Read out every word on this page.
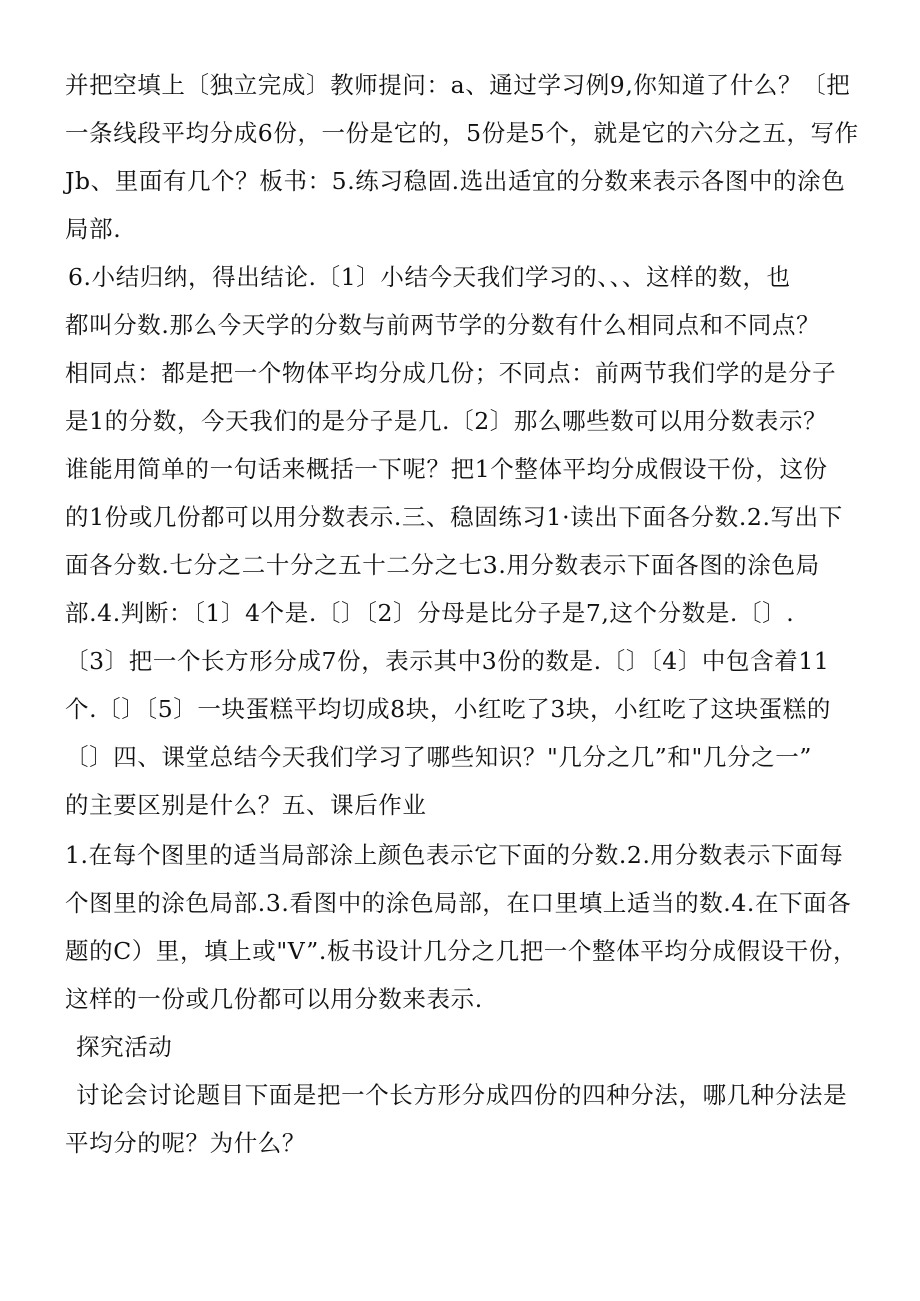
并把空填上〔独立完成〕教师提问：a、通过学习例9,你知道了什么？〔把
一条线段平均分成6份，一份是它的，5份是5个，就是它的六分之五，写作
Jb、里面有几个？板书：5.练习稳固.选出适宜的分数来表示各图中的涂色
局部.
6.小结归纳，得出结论.〔1〕小结今天我们学习的、、、这样的数，也
都叫分数.那么今天学的分数与前两节学的分数有什么相同点和不同点？
相同点：都是把一个物体平均分成几份；不同点：前两节我们学的是分子
是1的分数，今天我们的是分子是几.〔2〕那么哪些数可以用分数表示？
谁能用简单的一句话来概括一下呢？把1个整体平均分成假设干份，这份
的1份或几份都可以用分数表示.三、稳固练习1·读出下面各分数.2.写出下
面各分数.七分之二十分之五十二分之七3.用分数表示下面各图的涂色局
部.4.判断：〔1〕4个是.〔〕〔2〕分母是比分子是7,这个分数是.〔〕.
〔3〕把一个长方形分成7份，表示其中3份的数是.〔〕〔4〕中包含着11
个.〔〕〔5〕一块蛋糕平均切成8块，小红吃了3块，小红吃了这块蛋糕的
〔〕四、课堂总结今天我们学习了哪些知识？"几分之几”和"几分之一”
的主要区别是什么？五、课后作业
1.在每个图里的适当局部涂上颜色表示它下面的分数.2.用分数表示下面每
个图里的涂色局部.3.看图中的涂色局部，在口里填上适当的数.4.在下面各
题的C）里，填上或"V”.板书设计几分之几把一个整体平均分成假设干份，
这样的一份或几份都可以用分数来表示.
探究活动
讨论会讨论题目下面是把一个长方形分成四份的四种分法，哪几种分法是
平均分的呢？为什么？
